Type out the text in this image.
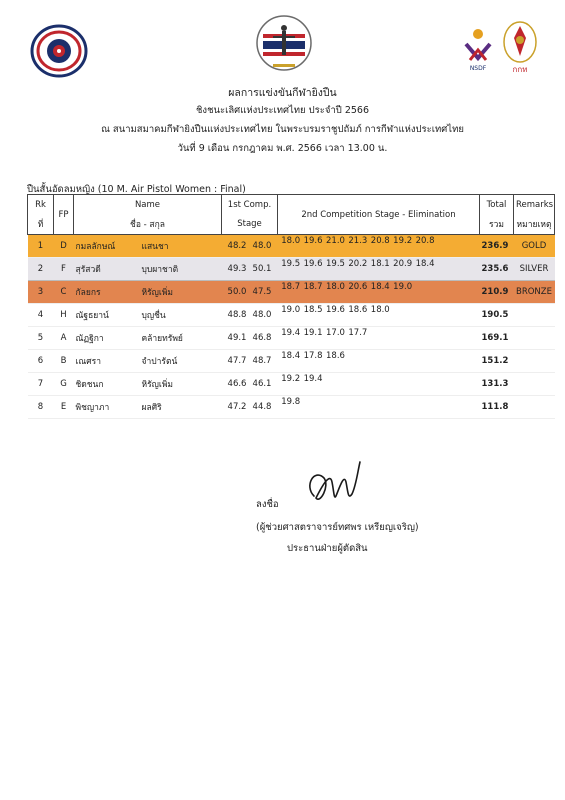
NSDF	กกท
ผลการแข่งขันกีฬายิงปืน
ชิงชนะเลิศแห่งประเทศไทย ประจำปี 2566
ณ สนามสมาคมกีฬายิงปืนแห่งประเทศไทย ในพระบรมราชูปถัมภ์ การกีฬาแห่งประเทศไทย
วันที่ 9 เดือน กรกฎาคม พ.ศ. 2566 เวลา 13.00 น.
ปืนสั้นอัดลมหญิง (10 M. Air Pistol Women : Final)
Rk	FP	Name	1st Comp.	2nd Competition Stage - Elimination	Total	Remarks
ที่		ชื่อ - สกุล	Stage		รวม	หมายเหตุ
1	D	กมลลักษณ์ แสนชา	48.2 48.0	18.0 19.6 21.0 21.3 20.8 19.2 20.8	236.9	GOLD
2	F	สุรัสวดี บุบผาชาติ	49.3 50.1	19.5 19.6 19.5 20.2 18.1 20.9 18.4	235.6	SILVER
3	C	กัลยกร หิรัญเพิ่ม	50.0 47.5	18.7 18.7 18.0 20.6 18.4 19.0	210.9	BRONZE
4	H	ณัฐธยาน์ บุญชื่น	48.8 48.0	19.0 18.5 19.6 18.6 18.0	190.5	
5	A	ณัฏฐิกา คล้ายทรัพย์	49.1 46.8	19.4 19.1 17.0 17.7	169.1	
6	B	เณศรา จำปารัตน์	47.7 48.7	18.4 17.8 18.6	151.2	
7	G	ชิดชนก หิรัญเพิ่ม	46.6 46.1	19.2 19.4	131.3	
8	E	พิชญาภา ผลศิริ	47.2 44.8	19.8	111.8	
ลงชื่อ
(ผู้ช่วยศาสตราจารย์ทศพร เหรียญเจริญ)
ประธานฝ่ายผู้ตัดสิน
